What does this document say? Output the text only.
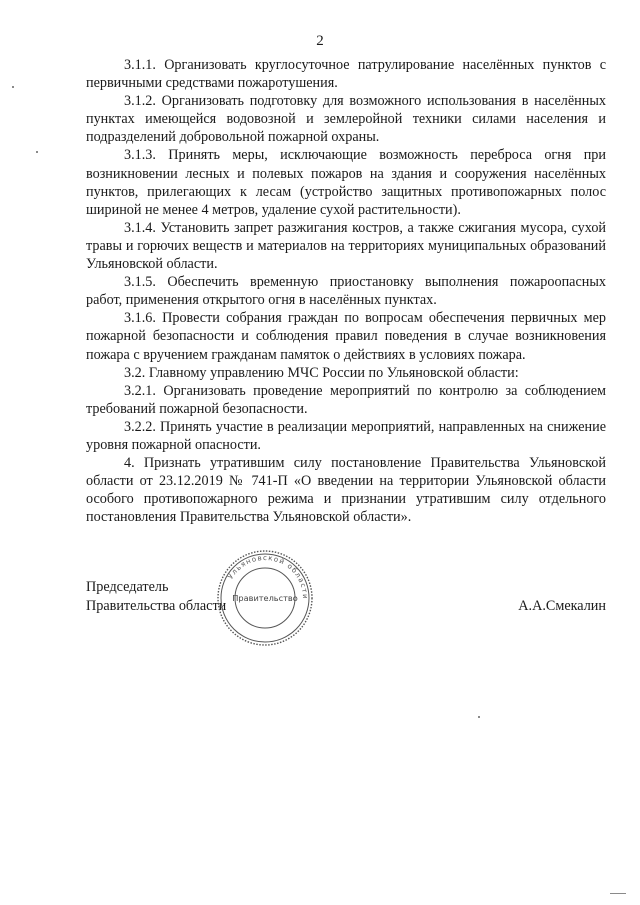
2

3.1.1. Организовать круглосуточное патрулирование населённых пунктов с первичными средствами пожаротушения.

3.1.2. Организовать подготовку для возможного использования в населённых пунктах имеющейся водовозной и землеройной техники силами населения и подразделений добровольной пожарной охраны.

3.1.3. Принять меры, исключающие возможность переброса огня при возникновении лесных и полевых пожаров на здания и сооружения населённых пунктов, прилегающих к лесам (устройство защитных противопожарных полос шириной не менее 4 метров, удаление сухой растительности).

3.1.4. Установить запрет разжигания костров, а также сжигания мусора, сухой травы и горючих веществ и материалов на территориях муниципальных образований Ульяновской области.

3.1.5. Обеспечить временную приостановку выполнения пожароопасных работ, применения открытого огня в населённых пунктах.

3.1.6. Провести собрания граждан по вопросам обеспечения первичных мер пожарной безопасности и соблюдения правил поведения в случае возникновения пожара с вручением гражданам памяток о действиях в условиях пожара.

3.2. Главному управлению МЧС России по Ульяновской области:

3.2.1. Организовать проведение мероприятий по контролю за соблюдением требований пожарной безопасности.

3.2.2. Принять участие в реализации мероприятий, направленных на снижение уровня пожарной опасности.

4. Признать утратившим силу постановление Правительства Ульяновской области от 23.12.2019 № 741-П «О введении на территории Ульяновской области особого противопожарного режима и признании утратившим силу отдельного постановления Правительства Ульяновской области».

Председатель
Правительства области	А.А.Смекалин
Ульяновской области
Правительство
